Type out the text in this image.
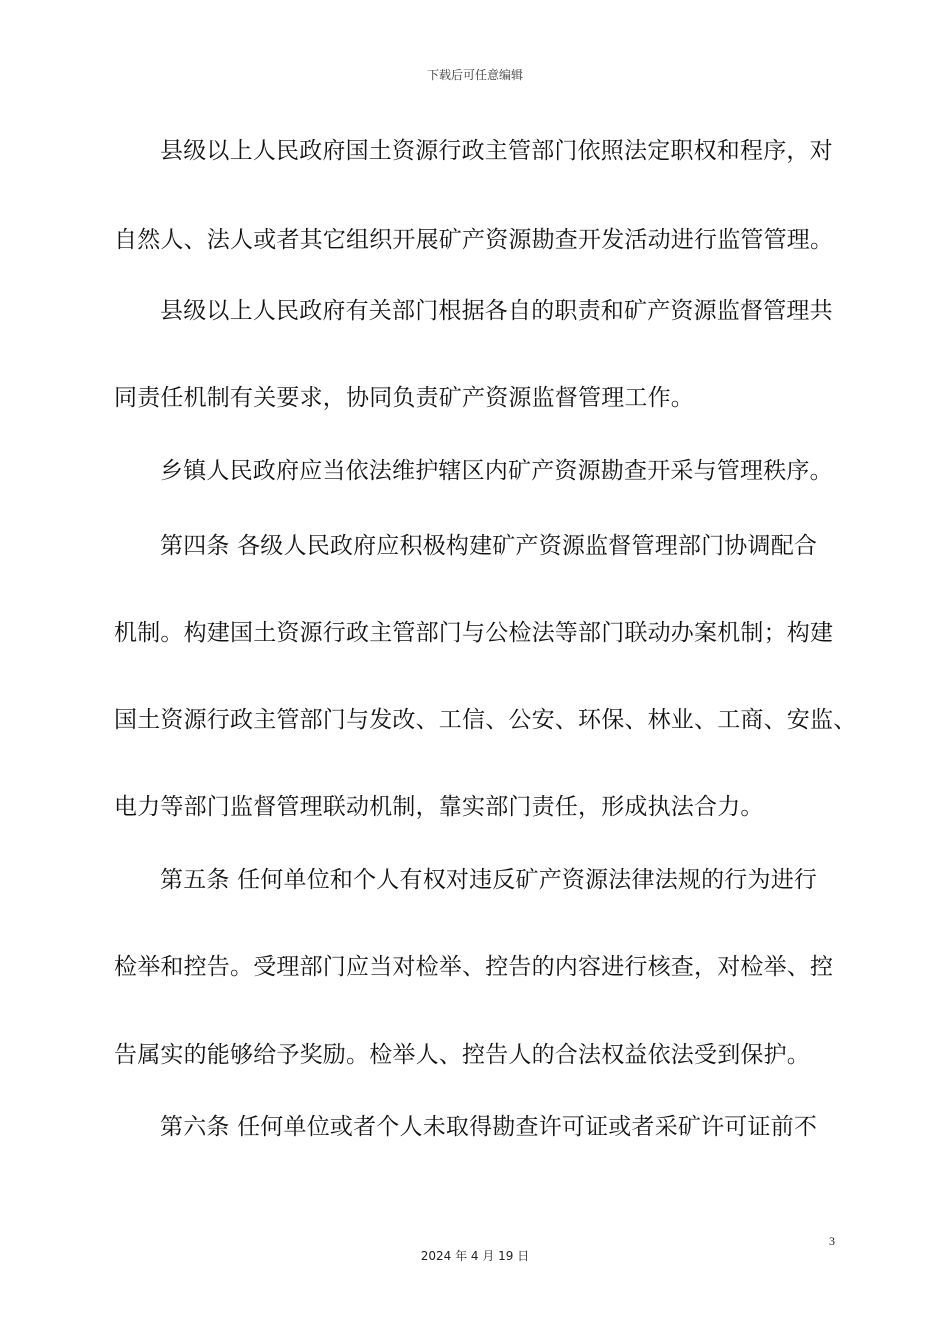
下载后可任意编辑
县级以上人民政府国土资源行政主管部门依照法定职权和程序，对
自然人、法人或者其它组织开展矿产资源勘查开发活动进行监管管理。
县级以上人民政府有关部门根据各自的职责和矿产资源监督管理共
同责任机制有关要求，协同负责矿产资源监督管理工作。
乡镇人民政府应当依法维护辖区内矿产资源勘查开采与管理秩序。
第四条 各级人民政府应积极构建矿产资源监督管理部门协调配合
机制。构建国土资源行政主管部门与公检法等部门联动办案机制；构建
国土资源行政主管部门与发改、工信、公安、环保、林业、工商、安监、
电力等部门监督管理联动机制，靠实部门责任，形成执法合力。
第五条 任何单位和个人有权对违反矿产资源法律法规的行为进行
检举和控告。受理部门应当对检举、控告的内容进行核查，对检举、控
告属实的能够给予奖励。检举人、控告人的合法权益依法受到保护。
第六条 任何单位或者个人未取得勘查许可证或者采矿许可证前不
3
2024 年 4 月 19 日
